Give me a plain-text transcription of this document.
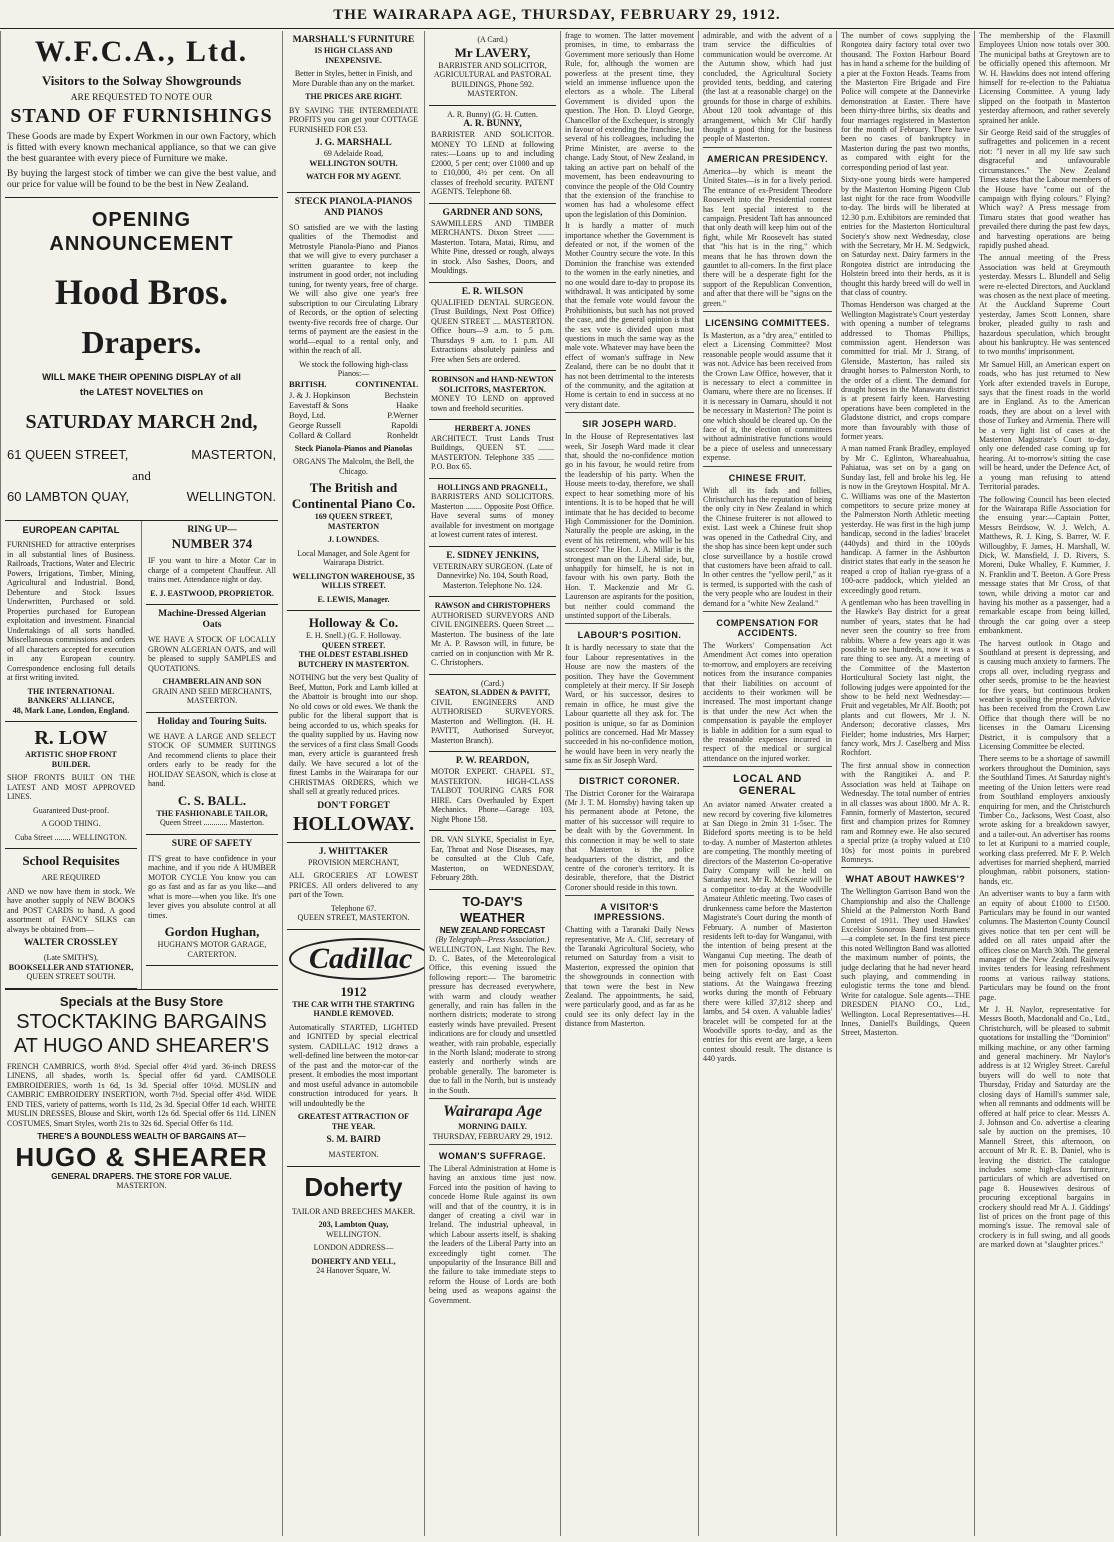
THE WAIRARAPA AGE, THURSDAY, FEBRUARY 29, 1912.
W.F.C.A., Ltd.
Visitors to the Solway Showgrounds
ARE REQUESTED TO NOTE OUR
STAND OF FURNISHINGS
These Goods are made by Expert Workmen in our own Factory, which is fitted with every known mechanical appliance, so that we can give the best guarantee with every piece of Furniture we make.
By buying the largest stock of timber we can give the best value, and our price for value will be found to be the best in New Zealand.
OPENING ANNOUNCEMENT
Hood Bros.
Drapers.
WILL MAKE THEIR OPENING DISPLAY of all
the LATEST NOVELTIES on
SATURDAY MARCH 2nd,
61 QUEEN STREET,	MASTERTON,
and
60 LAMBTON QUAY,	WELLINGTON.
EUROPEAN CAPITAL
FURNISHED for attractive enterprises in all substantial lines of Business. Railroads, Tractions, Water and Electric Powers, Irrigations, Timber, Mining, Agricultural and Industrial. Bond, Debenture and Stock Issues Underwritten, Purchased or sold. Properties purchased for European exploitation and investment. Financial Undertakings of all sorts handled. Miscellaneous commissions and orders of all characters accepted for execution in any European country. Correspondence enclosing full details at first writing invited.
THE INTERNATIONAL BANKERS' ALLIANCE,
48, Mark Lane, London, England.
R. LOW
ARTISTIC SHOP FRONT BUILDER.
SHOP FRONTS BUILT ON THE LATEST AND MOST APPROVED LINES.
Guaranteed Dust-proof.
A GOOD THING.
Cuba Street ........ WELLINGTON.
School Requisites
ARE REQUIRED
AND we now have them in stock. We have another supply of NEW BOOKS and POST CARDS to hand. A good assortment of FANCY SILKS can always be obtained from—
WALTER CROSSLEY
(Late SMITH'S),
BOOKSELLER AND STATIONER,
QUEEN STREET SOUTH.
RING UP—
NUMBER 374
IF you want to hire a Motor Car in charge of a competent Chauffeur. All trains met. Attendance night or day.
E. J. EASTWOOD, PROPRIETOR.
Machine-Dressed Algerian Oats
WE HAVE A STOCK OF LOCALLY GROWN ALGERIAN OATS, and will be pleased to supply SAMPLES and QUOTATIONS.
CHAMBERLAIN AND SON
GRAIN AND SEED MERCHANTS, MASTERTON.
Holiday and Touring Suits.
WE HAVE A LARGE AND SELECT STOCK OF SUMMER SUITINGS And recommend clients to place their orders early to be ready for the HOLIDAY SEASON, which is close at hand.
C. S. BALL.
THE FASHIONABLE TAILOR,
Queen Street ............ Masterton.
SURE OF SAFETY
IT'S great to have confidence in your machine, and if you ride A HUMBER MOTOR CYCLE You know you can go as fast and as far as you like—and what is more—when you like. It's one lever gives you absolute control at all times.
Gordon Hughan,
HUGHAN'S MOTOR GARAGE, CARTERTON.
Specials at the Busy Store
STOCKTAKING BARGAINS
AT HUGO AND SHEARER'S
FRENCH CAMBRICS, worth 8½d. Special offer 4½d yard. 36-inch DRESS LINENS, all shades, worth 1s. Special offer 6d yard. CAMISOLE EMBROIDERIES, worth 1s 6d, 1s 3d. Special offer 10½d. MUSLIN and CAMBRIC EMBROIDERY INSERTION, worth 7½d. Special offer 4½d. WIDE END TIES, variety of patterns, worth 1s 11d, 2s 3d. Special Offer 1d each. WHITE MUSLIN DRESSES, Blouse and Skirt, worth 12s 6d. Special offer 6s 11d. LINEN COSTUMES, Smart Styles, worth 21s to 32s 6d. Special Offer 6s 11d.
THERE'S A BOUNDLESS WEALTH OF BARGAINS AT—
HUGO & SHEARER
GENERAL DRAPERS. THE STORE FOR VALUE.
MASTERTON.
MARSHALL'S FURNITURE
IS HIGH CLASS AND INEXPENSIVE.
Better in Styles, better in Finish, and More Durable than any on the market.
THE PRICES ARE RIGHT.
BY SAVING THE INTERMEDIATE PROFITS you can get your COTTAGE FURNISHED FOR £53.
J. G. MARSHALL
69 Adelaide Road,
WELLINGTON SOUTH.
WATCH FOR MY AGENT.
STECK PIANOLA-PIANOS AND PIANOS
SO satisfied are we with the lasting qualities of the Themodist and Metrostyle Pianola-Piano and Pianos that we will give to every purchaser a written guarantee to keep the instrument in good order, not including tuning, for twenty years, free of charge. We will also give one year's free subscription to our Circulating Library of Records, or the option of selecting twenty-five records free of charge. Our terms of payment are the easiest in the world—equal to a rental only, and within the reach of all.
We stock the following high-class Pianos:—
BRITISH.	CONTINENTAL
J. & J. Hopkinson	Bechstein
Eavestaff & Sons	Haake
Boyd, Ltd.	P.Werner
George Russell	Rapoldi
Collard & Collard	Ronheldt
Steck Pianola-Pianos and Pianolas
ORGANS The Malcolm, the Bell, the Chicago.
The British and Continental Piano Co.
169 QUEEN STREET, MASTERTON
J. LOWNDES.
Local Manager, and Sole Agent for Wairarapa District.
WELLINGTON WAREHOUSE, 35 WILLIS STREET.
E. LEWIS, Manager.
Holloway & Co.
E. H. Snell.) (G. F. Holloway.
QUEEN STREET.
THE OLDEST ESTABLISHED BUTCHERY IN MASTERTON.
NOTHING but the very best Quality of Beef, Mutton, Pork and Lamb killed at the Abattoir is brought into our shop. No old cows or old ewes. We thank the public for the liberal support that is being accorded to us, which speaks for the quality supplied by us. Having now the services of a first class Small Goods man, every article is guaranteed fresh daily. We have secured a lot of the finest Lambs in the Wairarapa for our CHRISTMAS ORDERS, which we shall sell at greatly reduced prices.
DON'T FORGET
HOLLOWAY.
J. WHITTAKER
PROVISION MERCHANT,
ALL GROCERIES AT LOWEST PRICES. All orders delivered to any part of the Town.
Telephone 67.
QUEEN STREET, MASTERTON.
Cadillac
1912
THE CAR WITH THE STARTING HANDLE REMOVED.
Automatically STARTED, LIGHTED and IGNITED by special electrical system. CADILLAC 1912 draws a well-defined line between the motor-car of the past and the motor-car of the present. It embodies the most important and most useful advance in automobile construction introduced for years. It will undoubtedly be the
GREATEST ATTRACTION OF THE YEAR.
S. M. BAIRD
MASTERTON.
Doherty
TAILOR AND BREECHES MAKER.
203, Lambton Quay,
WELLINGTON.
LONDON ADDRESS—
DOHERTY AND YELL,
24 Hanover Square, W.
(A Card.)
Mr LAVERY,
BARRISTER AND SOLICITOR, AGRICULTURAL and PASTORAL BUILDINGS, Phone 592. MASTERTON.
A. R. Bunny) (G. H. Cutten.
A. R. BUNNY,
BARRISTER AND SOLICITOR. MONEY TO LEND at following rates:—Loans up to and including £2000, 5 per cent; over £1000 and up to £10,000, 4½ per cent. On all classes of freehold security. PATENT AGENTS. Telephone 68.
GARDNER AND SONS,
SAWMILLERS AND TIMBER MERCHANTS. Dixon Street ........ Masterton. Totara, Matai, Rimu, and White Pine, dressed or rough, always in stock. Also Sashes, Doors, and Mouldings.
E. R. WILSON
QUALIFIED DENTAL SURGEON. (Trust Buildings, Next Post Office) QUEEN STREET .... MASTERTON. Office hours—9 a.m. to 5 p.m. Thursdays 9 a.m. to 1 p.m. All Extractions absolutely painless and Free when Sets are ordered.
ROBINSON and HAND-NEWTON SOLICITORS, MASTERTON.
MONEY TO LEND on approved town and freehold securities.
HERBERT A. JONES
ARCHITECT. Trust Lands Trust Buildings, QUEEN ST. ........ MASTERTON. Telephone 335 ........ P.O. Box 65.
HOLLINGS AND PRAGNELL,
BARRISTERS AND SOLICITORS. Masterton ........ Opposite Post Office. Have several sums of money available for investment on mortgage at lowest current rates of interest.
E. SIDNEY JENKINS,
VETERINARY SURGEON. (Late of Dannevirke) No. 104, South Road, Masterton. Telephone No. 124.
RAWSON and CHRISTOPHERS
AUTHORISED SURVEYORS AND CIVIL ENGINEERS. Queen Street .... Masterton. The business of the late Mr A. P. Rawson will, in future, be carried on in conjunction with Mr R. C. Christophers.
(Card.)
SEATON, SLADDEN & PAVITT,
CIVIL ENGINEERS AND AUTHORISED SURVEYORS. Masterton and Wellington. (H. H. PAVITT, Authorised Surveyor, Masterton Branch).
P. W. REARDON,
MOTOR EXPERT. CHAPEL ST., MASTERTON. HIGH-CLASS TALBOT TOURING CARS FOR HIRE. Cars Overhauled by Expert Mechanics. Phone—Garage 103, Night Phone 158.
DR. VAN SLYKE, Specialist in Eye, Ear, Throat and Nose Diseases, may be consulted at the Club Cafe, Masterton, on WEDNESDAY, February 28th.
TO-DAY'S WEATHER
NEW ZEALAND FORECAST
(By Telegraph—Press Association.)
WELLINGTON, Last Night. The Rev. D. C. Bates, of the Meteorological Office, this evening issued the following report:— The barometric pressure has decreased everywhere, with warm and cloudy weather generally, and rain has fallen in the northern districts; moderate to strong easterly winds have prevailed. Present indications are for cloudy and unsettled weather, with rain probable, especially in the North Island; moderate to strong easterly and northerly winds are probable generally. The barometer is due to fall in the North, but is unsteady in the South.
Wairarapa Age
MORNING DAILY.
THURSDAY, FEBRUARY 29, 1912.
WOMAN'S SUFFRAGE.
The Liberal Administration at Home is having an anxious time just now. Forced into the position of having to concede Home Rule against its own will and that of the country, it is in danger of creating a civil war in Ireland. The industrial upheaval, in which Labour asserts itself, is shaking the leaders of the Liberal Party into an exceedingly tight corner. The unpopularity of the Insurance Bill and the failure to take immediate steps to reform the House of Lords are both being used as weapons against the Government.
frage to women. The latter movement promises, in time, to embarrass the Government more seriously than Home Rule, for, although the women are powerless at the present time, they wield an immense influence upon the electors as a whole. The Liberal Government is divided upon the question. The Hon. D. Lloyd George, Chancellor of the Exchequer, is strongly in favour of extending the franchise, but several of his colleagues, including the Prime Minister, are averse to the change. Lady Stout, of New Zealand, in taking an active part on behalf of the movement, has been endeavouring to convince the people of the Old Country that the extension of the franchise to women has had a wholesome effect upon the legislation of this Dominion.
It is hardly a matter of much importance whether the Government is defeated or not, if the women of the Mother Country secure the vote. In this Dominion the franchise was extended to the women in the early nineties, and no one would dare to-day to propose its withdrawal. It was anticipated by some that the female vote would favour the Prohibitionists, but such has not proved the case, and the general opinion is that the sex vote is divided upon most questions in much the same way as the male vote. Whatever may have been the effect of woman's suffrage in New Zealand, there can be no doubt that it has not been detrimental to the interests of the community, and the agitation at Home is certain to end in success at no very distant date.
SIR JOSEPH WARD.
In the House of Representatives last week, Sir Joseph Ward made it clear that, should the no-confidence motion go in his favour, he would retire from the leadership of his party. When the House meets to-day, therefore, we shall expect to hear something more of his intentions. It is to be hoped that he will intimate that he has decided to become High Commissioner for the Dominion. Naturally the people are asking, in the event of his retirement, who will be his successor? The Hon. J. A. Millar is the strongest man on the Liberal side, but, unhappily for himself, he is not in favour with his own party. Both the Hon. T. Mackenzie and Mr G. Laurenson are aspirants for the position, but neither could command the unstinted support of the Liberals.
LABOUR'S POSITION.
It is hardly necessary to state that the four Labour representatives in the House are now the masters of the position. They have the Government completely at their mercy. If Sir Joseph Ward, or his successor, desires to remain in office, he must give the Labour quartette all they ask for. The position is unique, so far as Dominion politics are concerned. Had Mr Massey succeeded in his no-confidence motion, he would have been in very nearly the same fix as Sir Joseph Ward.
DISTRICT CORONER.
The District Coroner for the Wairarapa (Mr J. T. M. Hornsby) having taken up his permanent abode at Petone, the matter of his successor will require to be dealt with by the Government. In this connection it may be well to state that Masterton is the police headquarters of the district, and the centre of the coroner's territory. It is desirable, therefore, that the District Coroner should reside in this town.
A VISITOR'S IMPRESSIONS.
Chatting with a Taranaki Daily News representative, Mr A. Clif, secretary of the Taranaki Agricultural Society, who returned on Saturday from a visit to Masterton, expressed the opinion that the showgrounds in connection with that town were the best in New Zealand. The appointments, he said, were particularly good, and as far as he could see its only defect lay in the distance from Masterton.
admirable, and with the advent of a tram service the difficulties of communication would be overcome. At the Autumn show, which had just concluded, the Agricultural Society provided tents, bedding, and catering (the last at a reasonable charge) on the grounds for those in charge of exhibits. About 120 took advantage of this arrangement, which Mr Clif hardly thought a good thing for the business people of Masterton.
AMERICAN PRESIDENCY.
America—by which is meant the United States—is in for a lively period. The entrance of ex-President Theodore Roosevelt into the Presidential contest has lent special interest to the campaign. President Taft has announced that only death will keep him out of the fight, while Mr Roosevelt has stated that "his hat is in the ring," which means that he has thrown down the gauntlet to all-comers. In the first place there will be a desperate fight for the support of the Republican Convention, and after that there will be "signs on the green."
LICENSING COMMITTEES.
Is Masterton, as a "dry area," entitled to elect a Licensing Committee? Most reasonable people would assume that it was not. Advice has been received from the Crown Law Office, however, that it is necessary to elect a committee in Oamaru, where there are no licenses. If it is necessary in Oamaru, should it not be necessary in Masterton? The point is one which should be cleared up. On the face of it, the election of committees without administrative functions would be a piece of useless and unnecessary expense.
CHINESE FRUIT.
With all its fads and follies, Christchurch has the reputation of being the only city in New Zealand in which the Chinese fruiterer is not allowed to exist. Last week a Chinese fruit shop was opened in the Cathedral City, and the shop has since been kept under such close surveillance by a hostile crowd that customers have been afraid to call. In other centres the "yellow peril," as it is termed, is supported with the cash of the very people who are loudest in their demand for a "white New Zealand."
COMPENSATION FOR ACCIDENTS.
The Workers' Compensation Act Amendment Act comes into operation to-morrow, and employers are receiving notices from the insurance companies that their liabilities on account of accidents to their workmen will be increased. The most important change is that under the new Act when the compensation is payable the employer is liable in addition for a sum equal to the reasonable expenses incurred in respect of the medical or surgical attendance on the injured worker.
LOCAL AND GENERAL
An aviator named Atwater created a new record by covering five kilometres at San Diego in 2min 31 1-5sec. The Bideford sports meeting is to be held to-day. A number of Masterton athletes are competing. The monthly meeting of directors of the Masterton Co-operative Dairy Company will be held on Saturday next. Mr R. McKenzie will be a competitor to-day at the Woodville Amateur Athletic meeting. Two cases of drunkenness came before the Masterton Magistrate's Court during the month of February. A number of Masterton residents left to-day for Wanganui, with the intention of being present at the Wanganui Cup meeting. The death of men for poisoning opossums is still being actively felt on East Coast stations. At the Waingawa freezing works during the month of February there were killed 37,812 sheep and lambs, and 54 oxen. A valuable ladies' bracelet will be competed for at the Woodville sports to-day, and as the entries for this event are large, a keen contest should result. The distance is 440 yards.
The number of cows supplying the Rongotea dairy factory total over two thousand. The Foxton Harbour Board has in hand a scheme for the building of a pier at the Foxton Heads. Teams from the Masterton Fire Brigade and Fire Police will compete at the Dannevirke demonstration at Easter. There have been thirty-three births, six deaths and four marriages registered in Masterton for the month of February. There have been no cases of bankruptcy in Masterton during the past two months, as compared with eight for the corresponding period of last year.
Sixty-one young birds were hampered by the Masterton Homing Pigeon Club last night for the race from Woodville to-day. The birds will be liberated at 12.30 p.m. Exhibitors are reminded that entries for the Masterton Horticultural Society's show next Wednesday, close with the Secretary, Mr H. M. Sedgwick, on Saturday next. Dairy farmers in the Rongotea district are introducing the Holstein breed into their herds, as it is thought this hardy breed will do well in that class of country.
Thomas Henderson was charged at the Wellington Magistrate's Court yesterday with opening a number of telegrams addressed to Thomas Phillips, commission agent. Henderson was committed for trial. Mr J. Strang, of Glenside, Masterton, has railed six draught horses to Palmerston North, to the order of a client. The demand for draught horses in the Manawatu district is at present fairly keen. Harvesting operations have been completed in the Gladstone district, and crops compare more than favourably with those of former years.
A man named Frank Bradley, employed by Mr C. Eglinton, Whareahuahua, Pahiatua, was set on by a gang on Sunday last, fell and broke his leg. He is now in the Greytown Hospital. Mr A. C. Williams was one of the Masterton competitors to secure prize money at the Palmerston North Athletic meeting yesterday. He was first in the high jump handicap, second in the ladies' bracelet (440yds) and third in the 100yds handicap. A farmer in the Ashburton district states that early in the season he reaped a crop of Italian rye-grass of a 100-acre paddock, which yielded an exceedingly good return.
A gentleman who has been travelling in the Hawke's Bay district for a great number of years, states that he had never seen the country so free from rabbits. Where a few years ago it was possible to see hundreds, now it was a rare thing to see any. At a meeting of the Committee of the Masterton Horticultural Society last night, the following judges were appointed for the show to be held next Wednesday:—Fruit and vegetables, Mr Alf. Booth; pot plants and cut flowers, Mr J. N. Anderson; decorative classes, Mrs Fielder; home industries, Mrs Harper; fancy work, Mrs J. Caselberg and Miss Rochfort.
The first annual show in connection with the Rangitikei A. and P. Association was held at Taihape on Wednesday. The total number of entries in all classes was about 1800. Mr A. R. Fannin, formerly of Masterton, secured first and champion prizes for Romney ram and Romney ewe. He also secured a special prize (a trophy valued at £10 10s) for most points in purebred Romneys.
WHAT ABOUT HAWKES'?
The Wellington Garrison Band won the Championship and also the Challenge Shield at the Palmerston North Band Contest of 1911. They used Hawkes' Excelsior Sonorous Band Instruments—a complete set. In the first test piece this noted Wellington Band was allotted the maximum number of points, the judge declaring that he had never heard such playing, and commending in eulogistic terms the tone and blend. Write for catalogue. Sole agents—THE DRESDEN PIANO CO., Ltd., Wellington. Local Representatives—H. Innes, Daniell's Buildings, Queen Street, Masterton.
The membership of the Flaxmill Employees Union now totals over 300. The municipal baths at Greytown are to be officially opened this afternoon. Mr W. H. Hawkins does not intend offering himself for re-election to the Pahiatua Licensing Committee. A young lady slipped on the footpath in Masterton yesterday afternoon, and rather severely sprained her ankle.
Sir George Reid said of the struggles of suffragettes and policemen in a recent riot: "I never in all my life saw such disgraceful and unfavourable circumstances." The New Zealand Times states that the Labour members of the House have "come out of the campaign with flying colours." Flying? Which way? A Press message from Timaru states that good weather has prevailed there during the past few days, and harvesting operations are being rapidly pushed ahead.
The annual meeting of the Press Association was held at Greymouth yesterday. Messrs L. Blundell and Selig were re-elected Directors, and Auckland was chosen as the next place of meeting. At the Auckland Supreme Court yesterday, James Scott Lonnen, share broker, pleaded guilty to rash and hazardous speculation, which brought about his bankruptcy. He was sentenced to two months' imprisonment.
Mr Samuel Hill, an American expert on roads, who has just returned to New York after extended travels in Europe, says that the finest roads in the world are in England. As to the American roads, they are about on a level with those of Turkey and Armenia. There will be a very light list of cases at the Masterton Magistrate's Court to-day, only one defended case coming up for hearing. At to-morrow's sitting the case will be heard, under the Defence Act, of a young man refusing to attend Territorial parades.
The following Council has been elected for the Wairarapa Rifle Association for the ensuing year:—Captain Potter, Messrs Beirdsow, W. J. Welch, A. Matthews, R. J. King, S. Barrer, W. F. Willoughby, F. James, H. Marshall, W. Dick, W. Mansfield, J. D. Rivers, S. Moreni, Duke Whalley, F. Kummer, J. N. Franklin and T. Beeton. A Gore Press message states that Mr Cross, of that town, while driving a motor car and having his mother as a passenger, had a remarkable escape from being killed, through the car going over a steep embankment.
The harvest outlook in Otago and Southland at present is depressing, and is causing much anxiety to farmers. The crops all over, including ryegrass and other seeds, promise to be the heaviest for five years, but continuous broken weather is spoiling the prospect. Advice has been received from the Crown Law Office that though there will be no licenses in the Oamaru Licensing District, it is compulsory that a Licensing Committee be elected.
There seems to be a shortage of sawmill workers throughout the Dominion, says the Southland Times. At Saturday night's meeting of the Union letters were read from Southland employers anxiously enquiring for men, and the Christchurch Timber Co., Jacksons, West Coast, also wrote asking for a breakdown sawyer, and a tailer-out. An advertiser has rooms to let at Kuripuni to a married couple, working class preferred. Mr F. P. Welch advertises for married shepherd, married ploughman, rabbit poisoners, station-hands, etc.
An advertiser wants to buy a farm with an equity of about £1000 to £1500. Particulars may be found in our wanted columns. The Masterton County Council gives notice that ten per cent will be added on all rates unpaid after the offices close on March 30th. The general manager of the New Zealand Railways invites tenders for leasing refreshment rooms at various railway stations. Particulars may be found on the front page.
Mr J. H. Naylor, representative for Messrs Booth, Macdonald and Co., Ltd., Christchurch, will be pleased to submit quotations for installing the "Dominion" milking machine, or any other farming and general machinery. Mr Naylor's address is at 12 Wrigley Street. Careful buyers will do well to note that Thursday, Friday and Saturday are the closing days of Hamill's summer sale, when all remnants and oddments will be offered at half price to clear. Messrs A. J. Johnson and Co. advertise a clearing sale by auction on the premises, 10 Mannell Street, this afternoon, on account of Mr R. E. B. Daniel, who is leaving the district. The catalogue includes some high-class furniture, particulars of which are advertised on page 8. Housewives desirous of procuring exceptional bargains in crockery should read Mr A. J. Giddings' list of prices on the front page of this morning's issue. The removal sale of crockery is in full swing, and all goods are marked down at "slaughter prices."
